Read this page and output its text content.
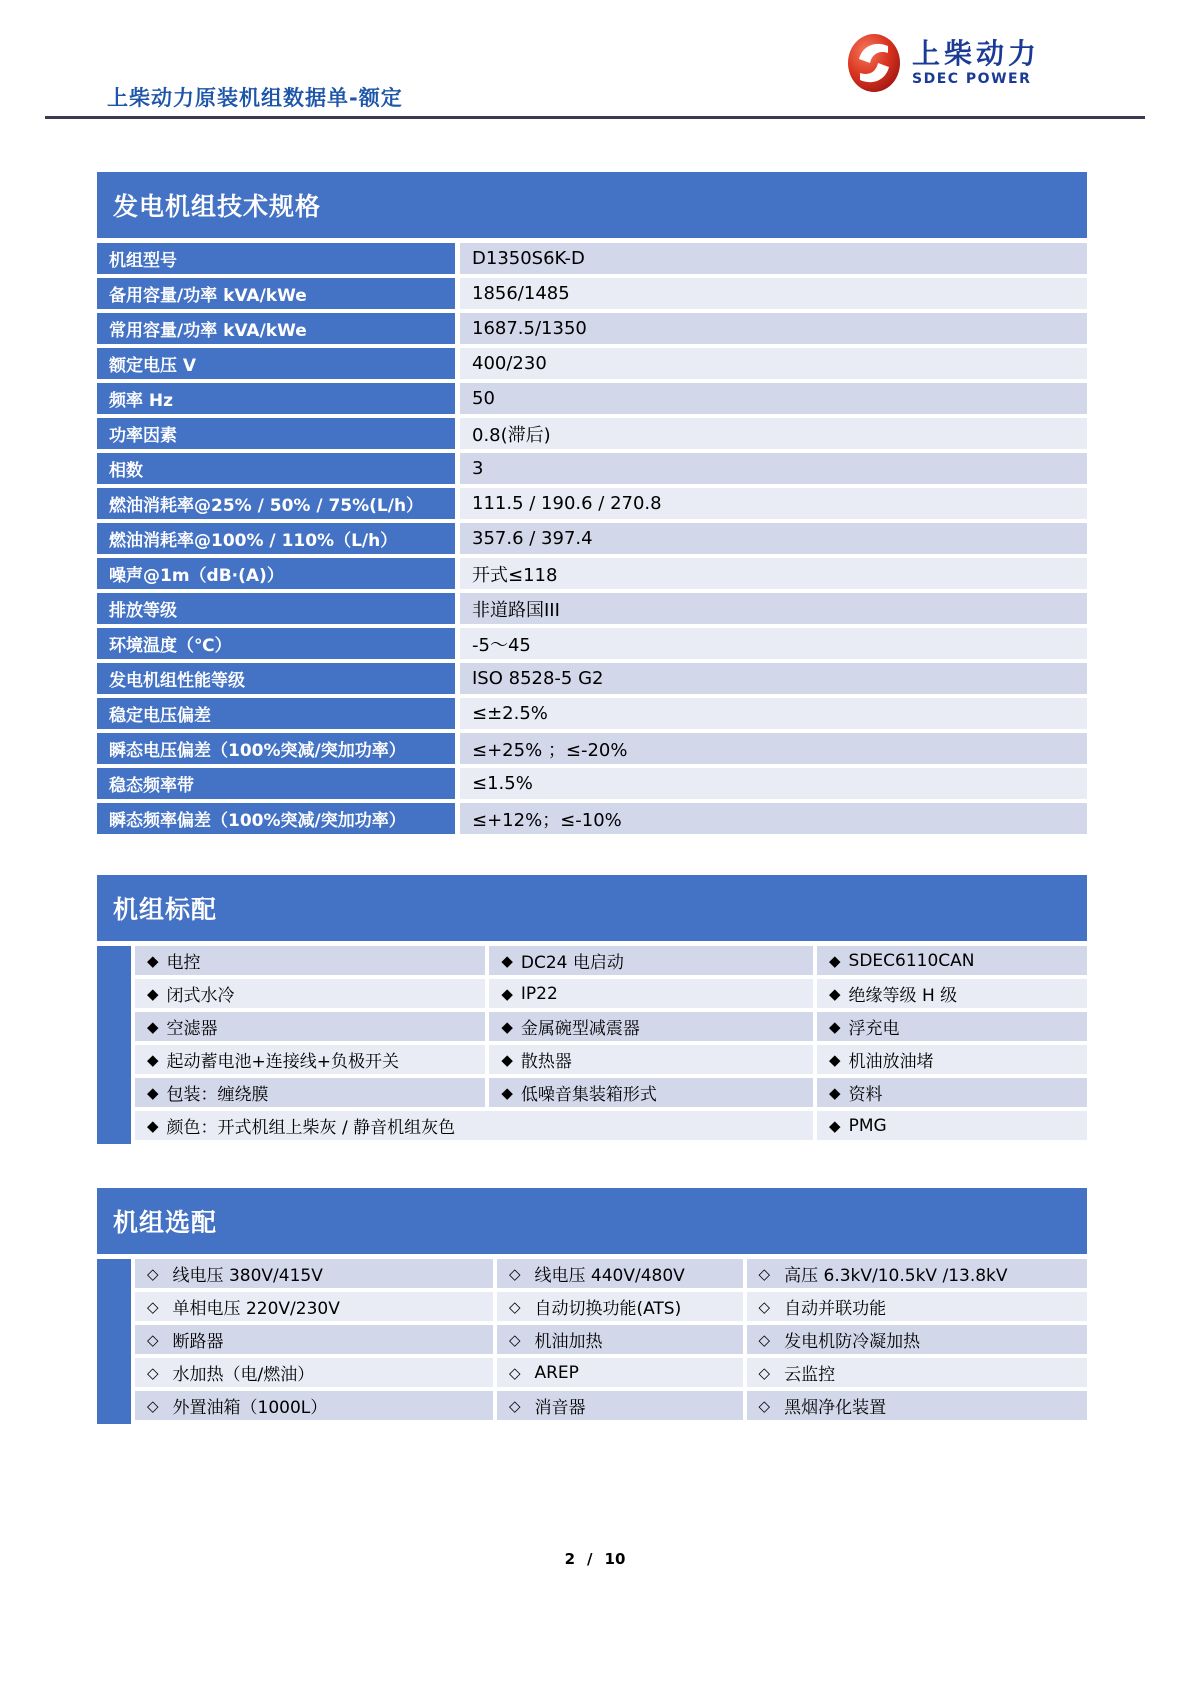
上柴动力原装机组数据单-额定
上柴动力
SDEC POWER
发电机组技术规格
机组型号	D1350S6K-D
备用容量/功率 kVA/kWe	1856/1485
常用容量/功率 kVA/kWe	1687.5/1350
额定电压 V	400/230
频率 Hz	50
功率因素	0.8(滞后)
相数	3
燃油消耗率@25% / 50% / 75%(L/h）	111.5 / 190.6 / 270.8
燃油消耗率@100% / 110%（L/h）	357.6 / 397.4
噪声@1m（dB·(A)）	开式≤118
排放等级	非道路国III
环境温度（℃）	-5～45
发电机组性能等级	ISO 8528-5 G2
稳定电压偏差	≤±2.5%
瞬态电压偏差（100%突减/突加功率）	≤+25% ；≤-20%
稳态频率带	≤1.5%
瞬态频率偏差（100%突减/突加功率）	≤+12%；≤-10%
机组标配
◆ 电控	◆ DC24 电启动	◆ SDEC6110CAN
◆ 闭式水冷	◆ IP22	◆ 绝缘等级 H 级
◆ 空滤器	◆ 金属碗型减震器	◆ 浮充电
◆ 起动蓄电池+连接线+负极开关	◆ 散热器	◆ 机油放油堵
◆ 包装：缠绕膜	◆ 低噪音集装箱形式	◆ 资料
◆ 颜色：开式机组上柴灰 / 静音机组灰色	◆ PMG
机组选配
◇ 线电压 380V/415V	◇ 线电压 440V/480V	◇ 高压 6.3kV/10.5kV /13.8kV
◇ 单相电压 220V/230V	◇ 自动切换功能(ATS)	◇ 自动并联功能
◇ 断路器	◇ 机油加热	◇ 发电机防冷凝加热
◇ 水加热（电/燃油）	◇ AREP	◇ 云监控
◇ 外置油箱（1000L）	◇ 消音器	◇ 黑烟净化装置
2 / 10
